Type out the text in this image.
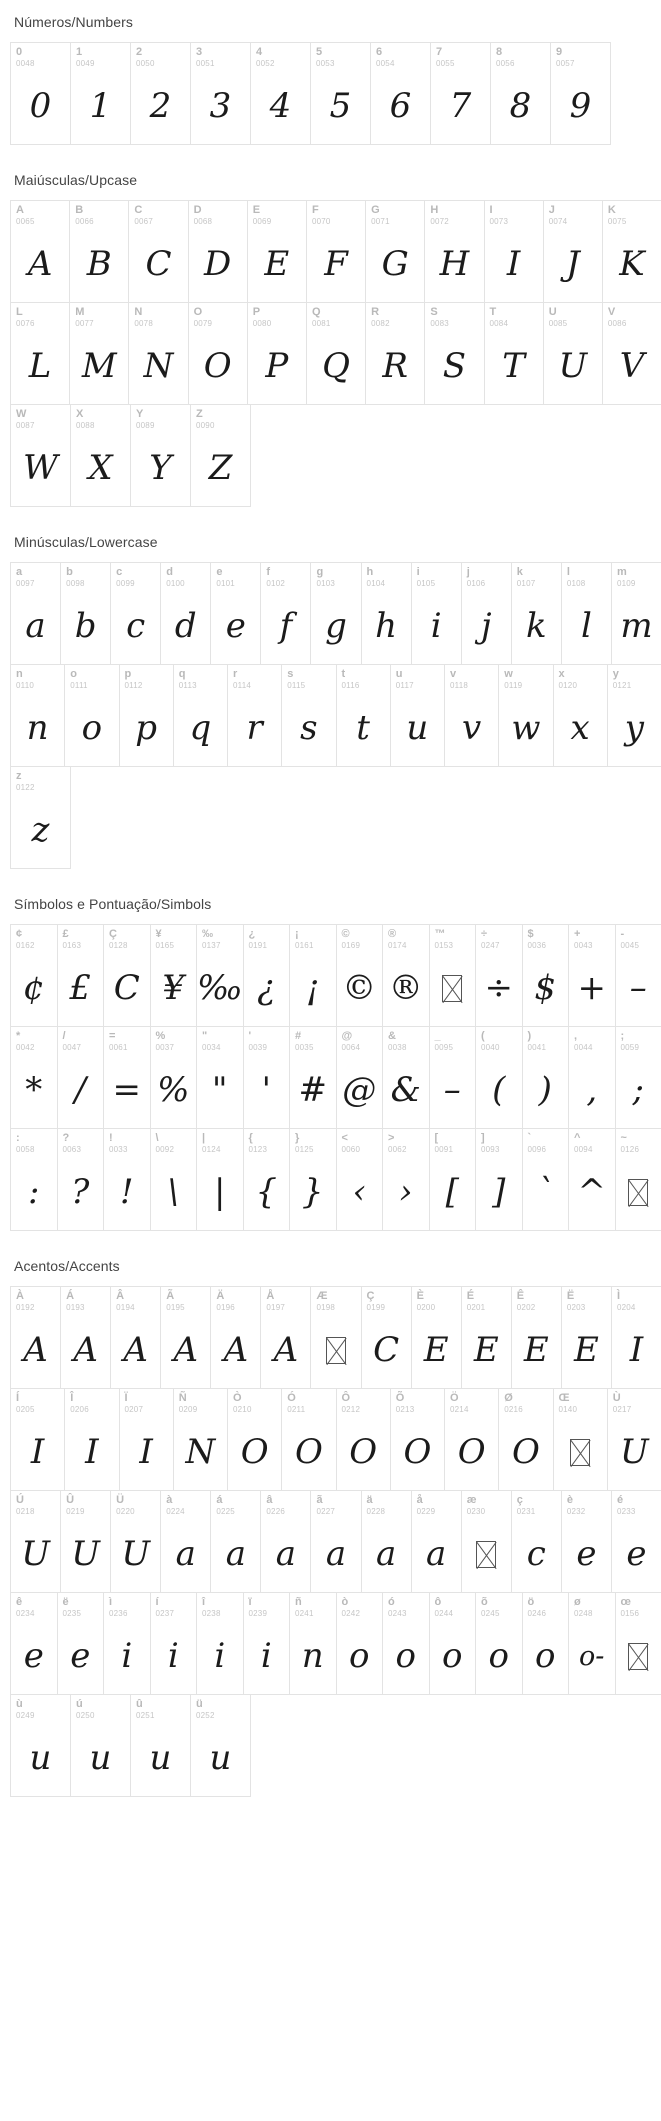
Números/Numbers
0
0048
0
1
0049
1
2
0050
2
3
0051
3
4
0052
4
5
0053
5
6
0054
6
7
0055
7
8
0056
8
9
0057
9
Maiúsculas/Upcase
A
0065
A
B
0066
B
C
0067
C
D
0068
D
E
0069
E
F
0070
F
G
0071
G
H
0072
H
I
0073
I
J
0074
J
K
0075
K
L
0076
L
M
0077
M
N
0078
N
O
0079
O
P
0080
P
Q
0081
Q
R
0082
R
S
0083
S
T
0084
T
U
0085
U
V
0086
V
W
0087
W
X
0088
X
Y
0089
Y
Z
0090
Z
Minúsculas/Lowercase
a
0097
a
b
0098
b
c
0099
c
d
0100
d
e
0101
e
f
0102
f
g
0103
g
h
0104
h
i
0105
i
j
0106
j
k
0107
k
l
0108
l
m
0109
m
n
0110
n
o
0111
o
p
0112
p
q
0113
q
r
0114
r
s
0115
s
t
0116
t
u
0117
u
v
0118
v
w
0119
w
x
0120
x
y
0121
y
z
0122
z
Símbolos e Pontuação/Simbols
¢
0162
¢
£
0163
£
Ç
0128
C
¥
0165
¥
‰
0137
‰
¿
0191
¿
¡
0161
¡
©
0169
©
®
0174
®
™
0153
÷
0247
÷
$
0036
$
+
0043
+
-
0045
–
*
0042
*
/
0047
/
=
0061
=
%
0037
%
"
0034
"
'
0039
'
#
0035
#
@
0064
@
&
0038
&
_
0095
–
(
0040
(
)
0041
)
,
0044
,
;
0059
;
:
0058
:
?
0063
?
!
0033
!
\
0092
\
|
0124
|
{
0123
{
}
0125
}
<
0060
‹
>
0062
›
[
0091
[
]
0093
]
`
0096
`
^
0094
^
~
0126
Acentos/Accents
À
0192
A
Á
0193
A
Â
0194
A
Ã
0195
A
Ä
0196
A
Å
0197
A
Æ
0198
Ç
0199
C
È
0200
E
É
0201
E
Ê
0202
E
Ë
0203
E
Ì
0204
I
Í
0205
I
Î
0206
I
Ï
0207
I
Ñ
0209
N
Ò
0210
O
Ó
0211
O
Ô
0212
O
Õ
0213
O
Ö
0214
O
Ø
0216
O
Œ
0140
Ù
0217
U
Ú
0218
U
Û
0219
U
Ü
0220
U
à
0224
a
á
0225
a
â
0226
a
ã
0227
a
ä
0228
a
å
0229
a
æ
0230
ç
0231
c
è
0232
e
é
0233
e
ê
0234
e
ë
0235
e
ì
0236
i
í
0237
i
î
0238
i
ï
0239
i
ñ
0241
n
ò
0242
o
ó
0243
o
ô
0244
o
õ
0245
o
ö
0246
o
ø
0248
o-
œ
0156
ù
0249
u
ú
0250
u
û
0251
u
ü
0252
u
